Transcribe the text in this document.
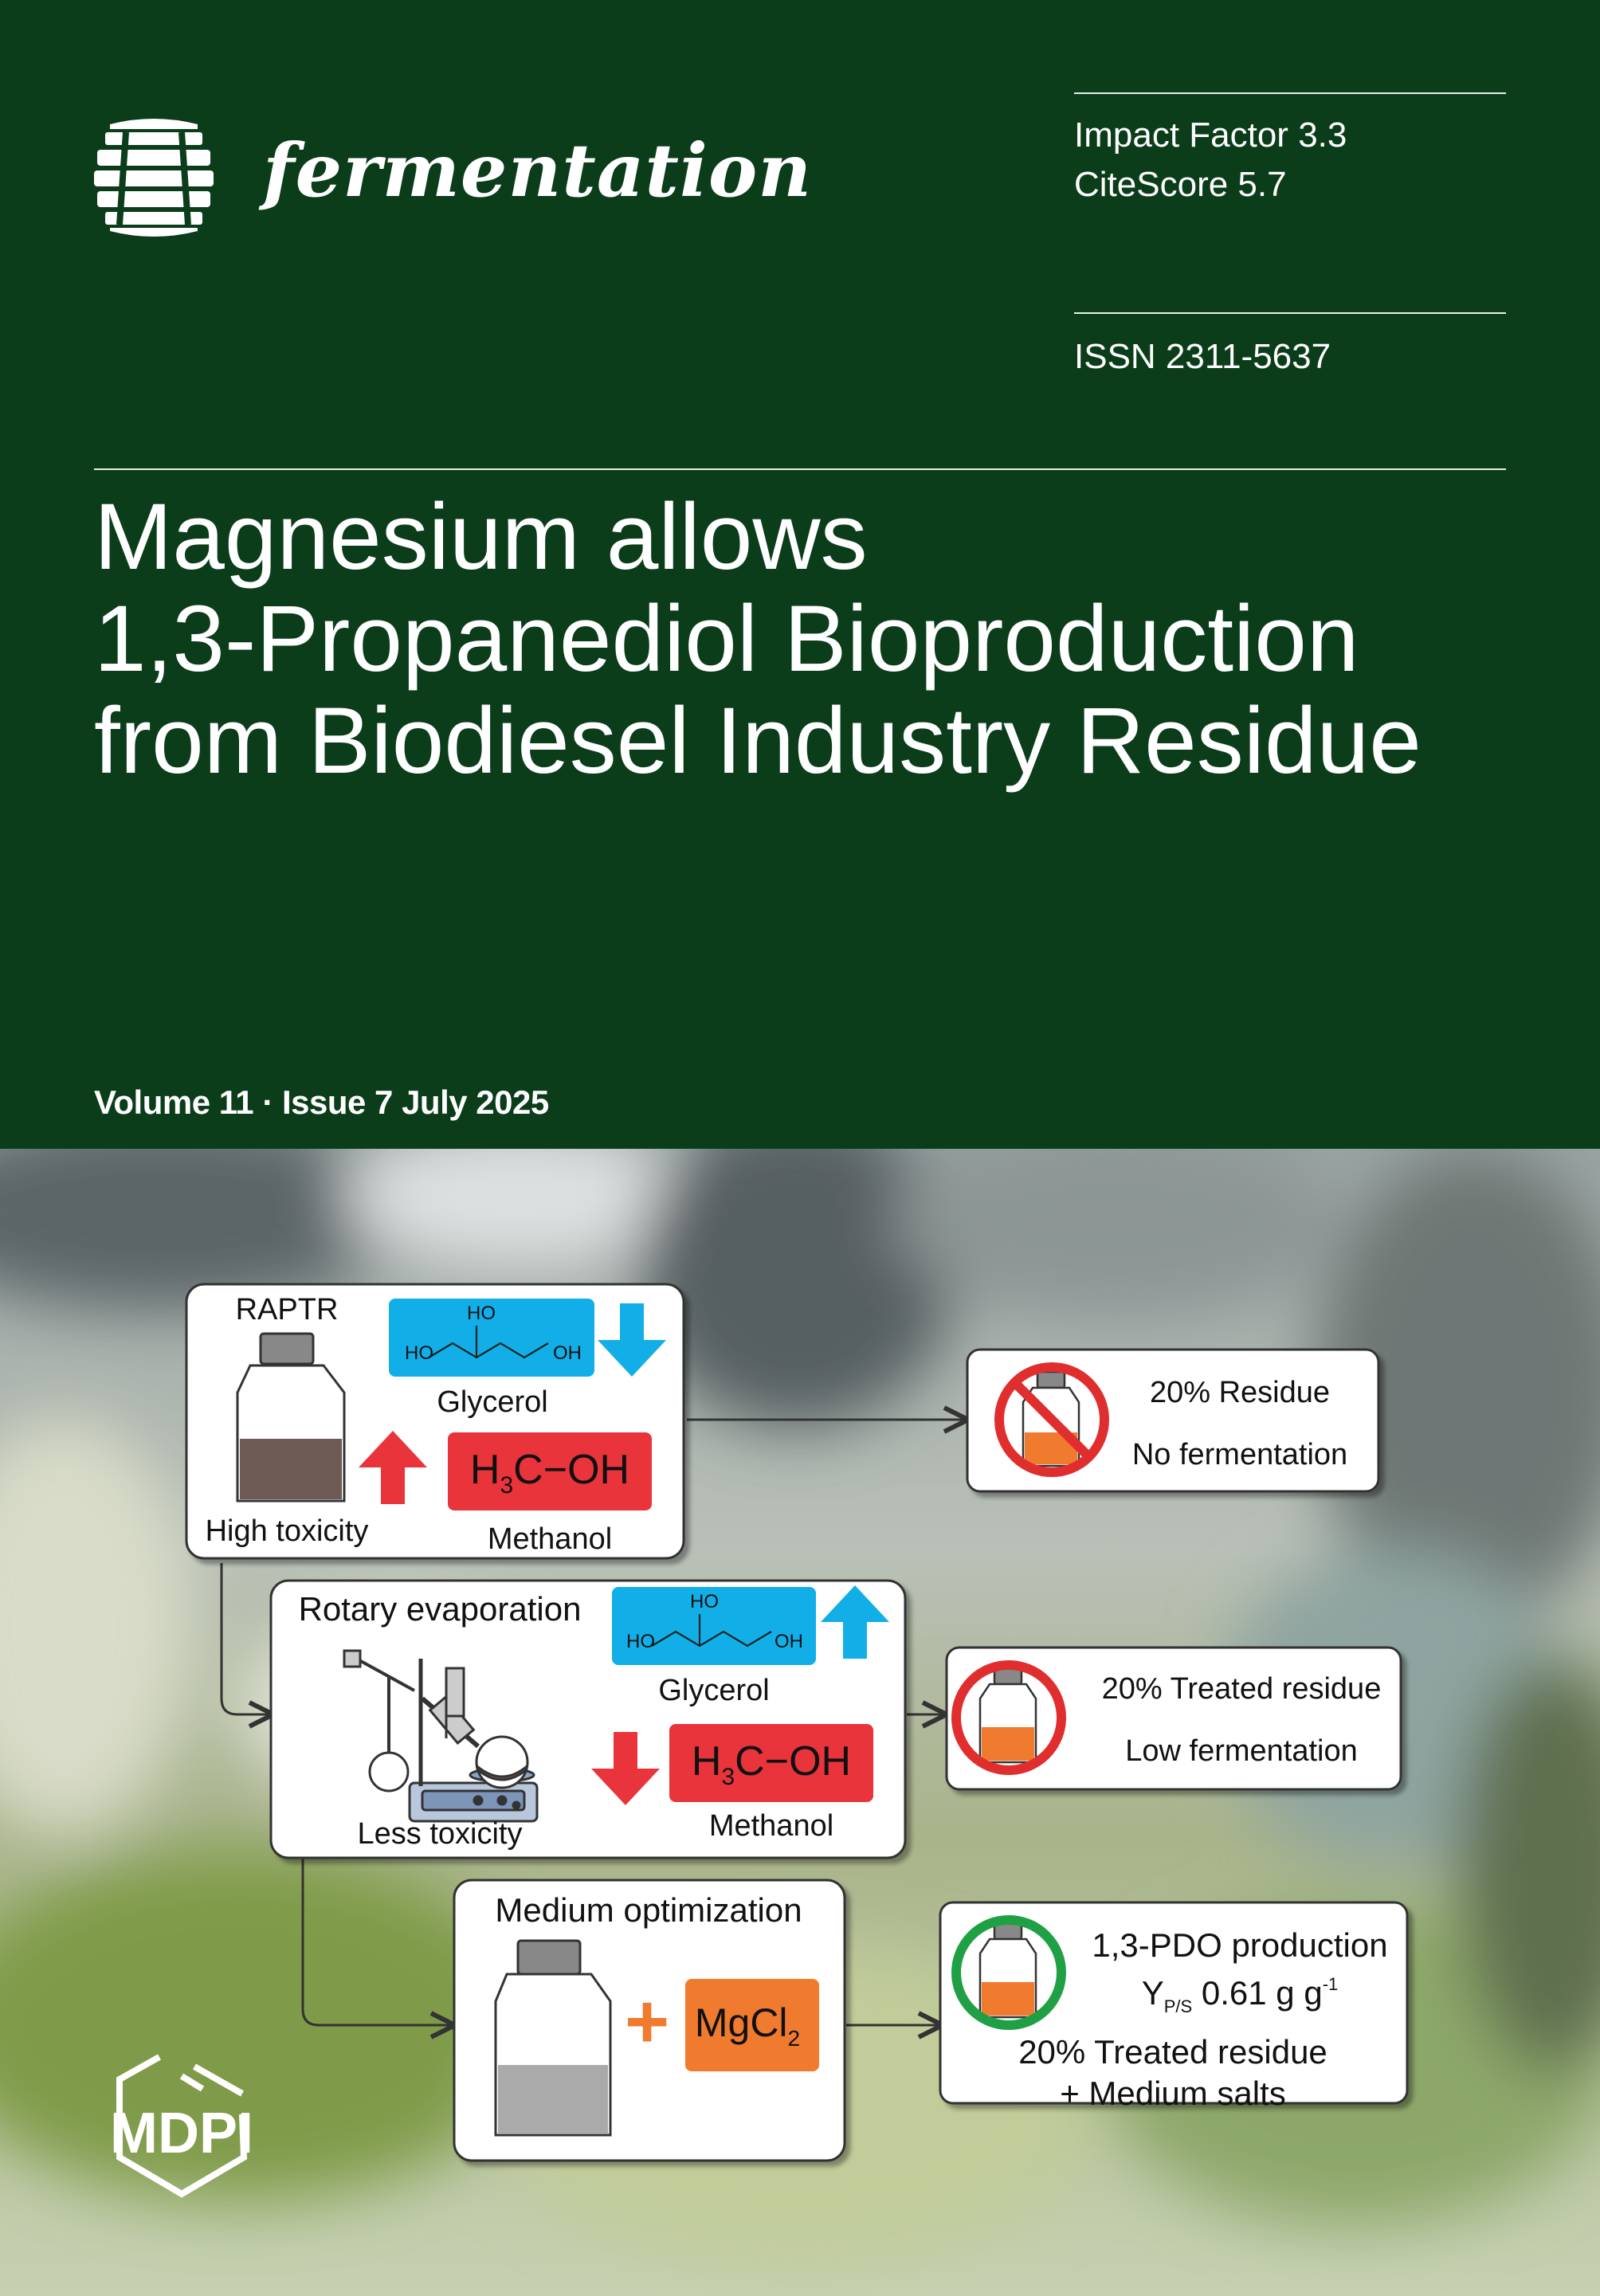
fermentation	Impact Factor 3.3
CiteScore 5.7
ISSN 2311-5637
Magnesium allows
1,3-Propanediol Bioproduction
from Biodiesel Industry Residue
Volume 11 · Issue 7 July 2025
RAPTR
High toxicity
HO
HO	OH
Glycerol
$H_3C-OH$
Methanol
20% Residue
No fermentation
Rotary evaporation
Less toxicity
HO
HO	OH
Glycerol
$H_3C-OH$
Methanol
20% Treated residue
Low fermentation
Medium optimization
+ MgCl$_2$
1,3-PDO production
$Y_{P/S}$ 0.61 g $g^{-1}$
20% Treated residue
+ Medium salts
MDPI
